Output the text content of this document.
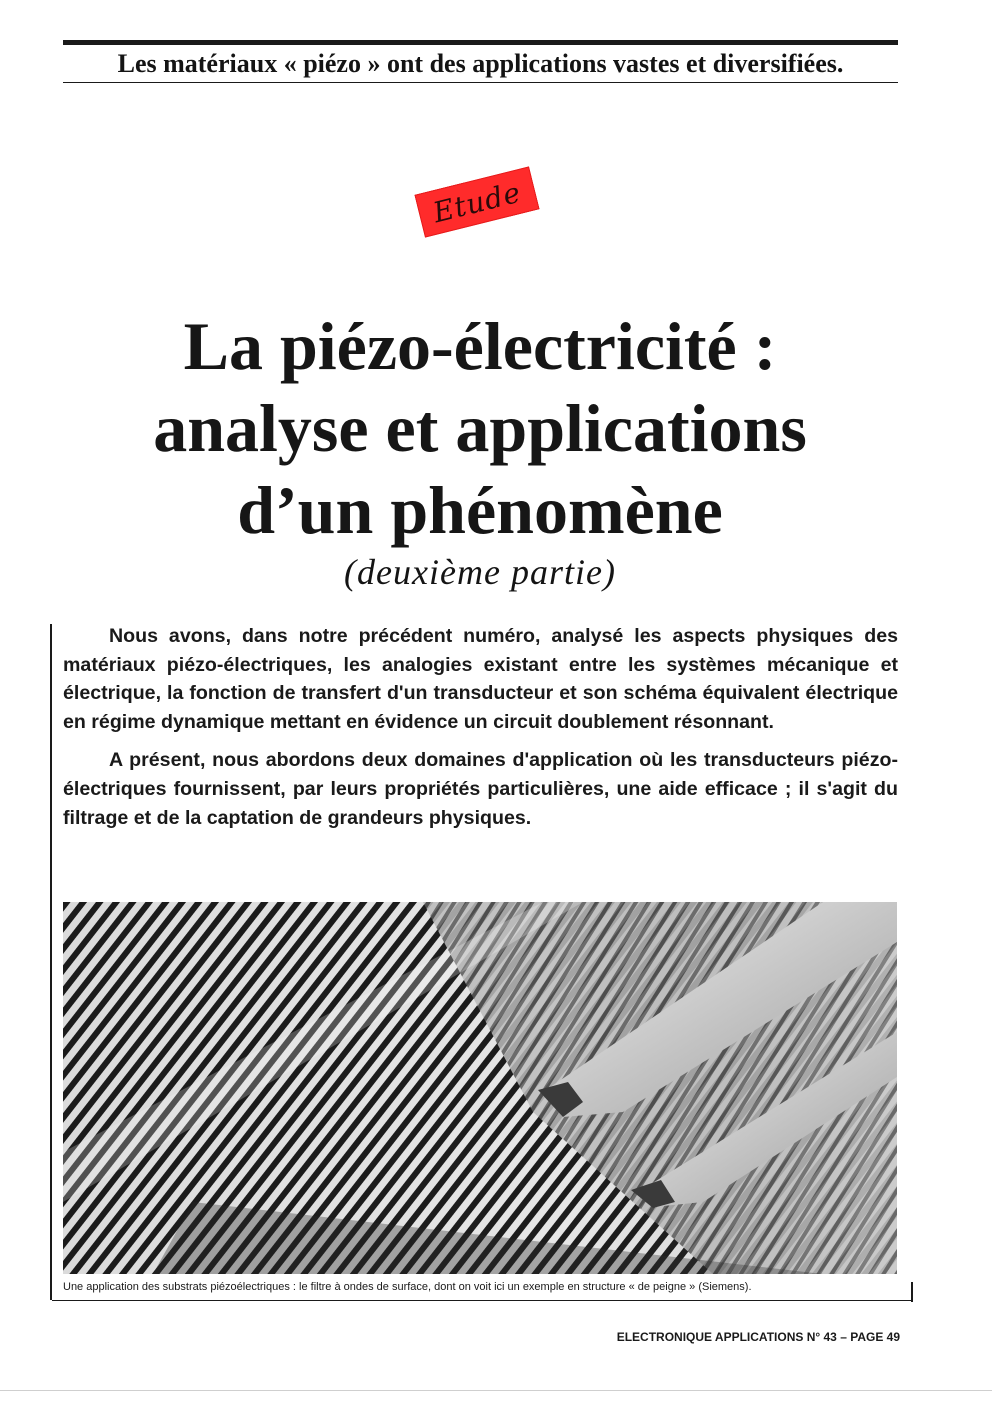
Les matériaux « piézo » ont des applications vastes et diversifiées.
Etude
La piézo-électricité :
analyse et applications
d’un phénomène
(deuxième partie)

Nous avons, dans notre précédent numéro, analysé les aspects physiques des matériaux piézo-électriques, les analogies existant entre les systèmes mécanique et électrique, la fonction de transfert d'un transducteur et son schéma équivalent électrique en régime dynamique mettant en évidence un circuit doublement résonnant.

A présent, nous abordons deux domaines d'application où les transducteurs piézo-électriques fournissent, par leurs propriétés particulières, une aide efficace ; il s'agit du filtrage et de la captation de grandeurs physiques.

Une application des substrats piézoélectriques : le filtre à ondes de surface, dont on voit ici un exemple en structure « de peigne » (Siemens).
ELECTRONIQUE APPLICATIONS N° 43 – PAGE 49
